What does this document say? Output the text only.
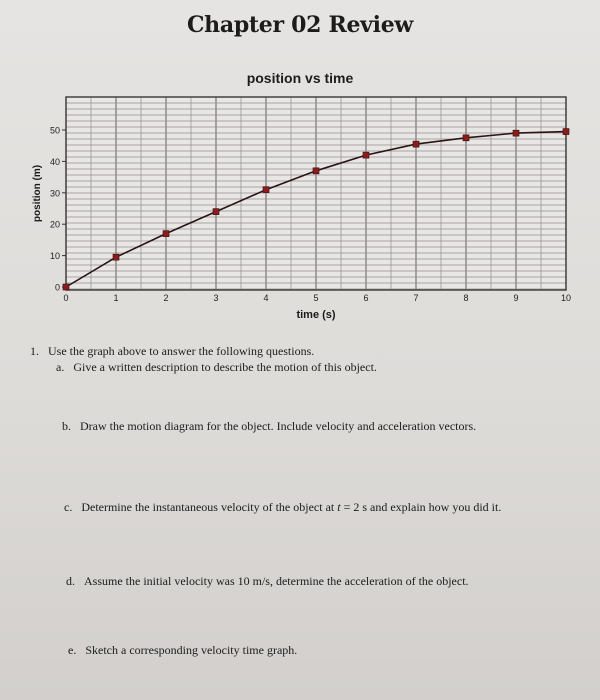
Chapter 02 Review
position vs time
0
10
20
30
40
50
0	1	2	3	4	5	6	7	8	9	10
time (s)
position (m)
1. Use the graph above to answer the following questions.
a. Give a written description to describe the motion of this object.
b. Draw the motion diagram for the object. Include velocity and acceleration vectors.
c. Determine the instantaneous velocity of the object at t = 2 s and explain how you did it.
d. Assume the initial velocity was 10 m/s, determine the acceleration of the object.
e. Sketch a corresponding velocity time graph.
